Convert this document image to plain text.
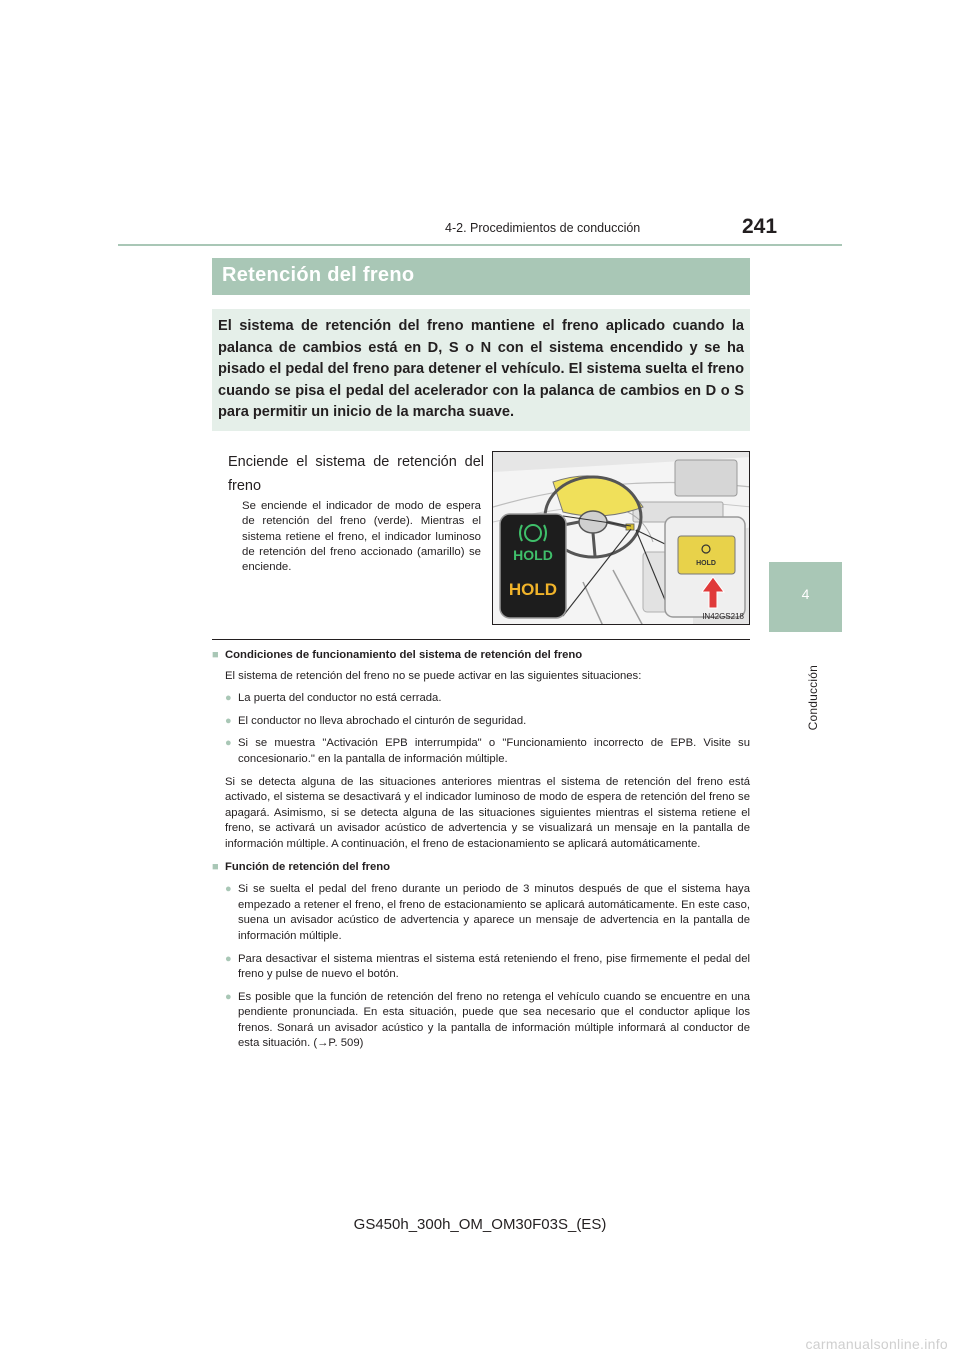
241
4-2. Procedimientos de conducción
4
Conducción
Retención del freno

El sistema de retención del freno mantiene el freno aplicado cuando la palanca de cambios está en D, S o N con el sistema encendido y se ha pisado el pedal del freno para detener el vehículo. El sistema suelta el freno cuando se pisa el pedal del acelerador con la palanca de cambios en D o S para permitir un inicio de la marcha suave.

Enciende el sistema de retención del freno

Se enciende el indicador de modo de espera de retención del freno (verde). Mientras el sistema retiene el freno, el indicador luminoso de retención del freno accionado (amarillo) se enciende.

HOLD
HOLD
HOLD
IN42GS218

■ Condiciones de funcionamiento del sistema de retención del freno

El sistema de retención del freno no se puede activar en las siguientes situaciones:

● La puerta del conductor no está cerrada.

● El conductor no lleva abrochado el cinturón de seguridad.

● Si se muestra "Activación EPB interrumpida" o "Funcionamiento incorrecto de EPB. Visite su concesionario." en la pantalla de información múltiple.

Si se detecta alguna de las situaciones anteriores mientras el sistema de retención del freno está activado, el sistema se desactivará y el indicador luminoso de modo de espera de retención del freno se apagará. Asimismo, si se detecta alguna de las situaciones siguientes mientras el sistema retiene el freno, se activará un avisador acústico de advertencia y se visualizará un mensaje en la pantalla de información múltiple. A continuación, el freno de estacionamiento se aplicará automáticamente.

■ Función de retención del freno

● Si se suelta el pedal del freno durante un periodo de 3 minutos después de que el sistema haya empezado a retener el freno, el freno de estacionamiento se aplicará automáticamente. En este caso, suena un avisador acústico de advertencia y aparece un mensaje de advertencia en la pantalla de información múltiple.

● Para desactivar el sistema mientras el sistema está reteniendo el freno, pise firmemente el pedal del freno y pulse de nuevo el botón.

● Es posible que la función de retención del freno no retenga el vehículo cuando se encuentre en una pendiente pronunciada. En esta situación, puede que sea necesario que el conductor aplique los frenos. Sonará un avisador acústico y la pantalla de información múltiple informará al conductor de esta situación. (→P. 509)

GS450h_300h_OM_OM30F03S_(ES)
carmanualsonline.info
